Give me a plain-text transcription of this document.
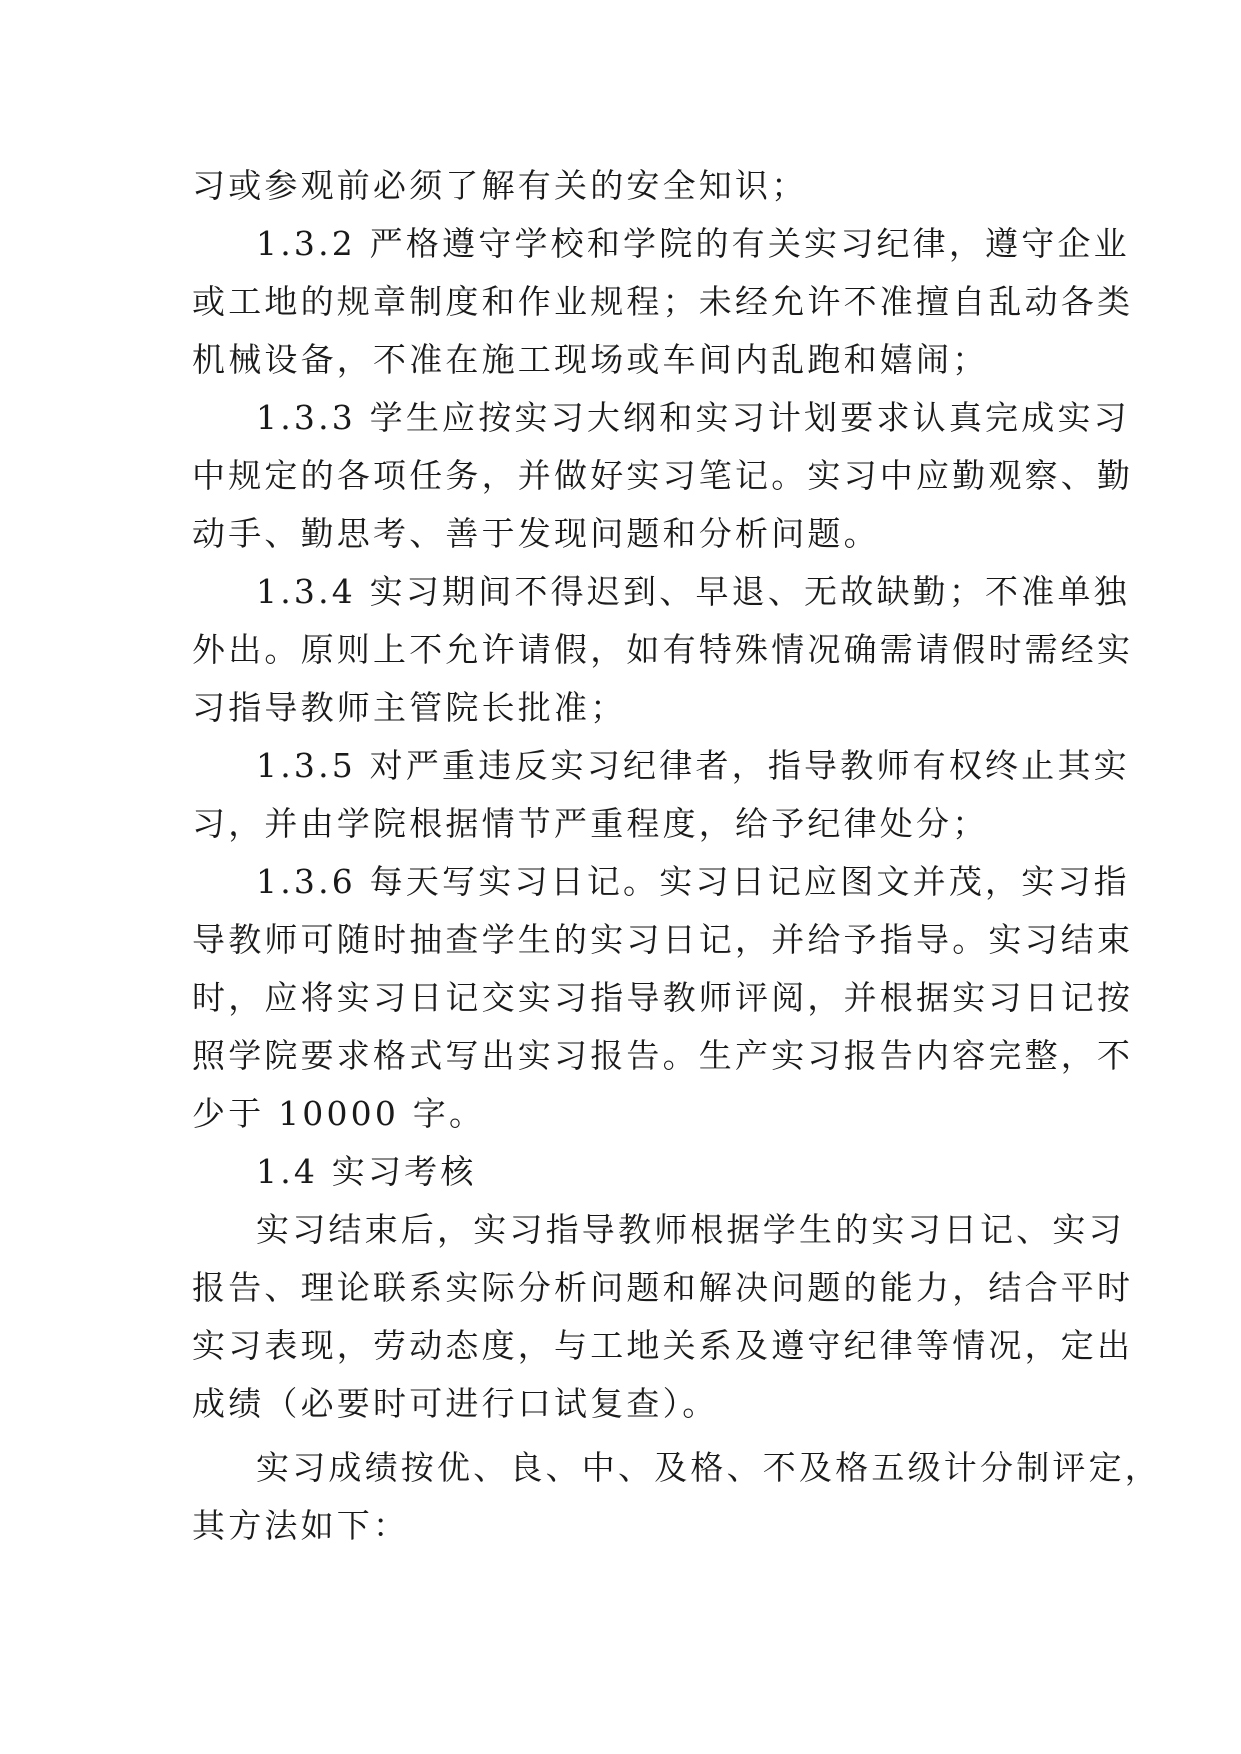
习或参观前必须了解有关的安全知识；
1.3.2 严格遵守学校和学院的有关实习纪律，遵守企业
或工地的规章制度和作业规程；未经允许不准擅自乱动各类
机械设备，不准在施工现场或车间内乱跑和嬉闹；
1.3.3 学生应按实习大纲和实习计划要求认真完成实习
中规定的各项任务，并做好实习笔记。实习中应勤观察、勤
动手、勤思考、善于发现问题和分析问题。
1.3.4 实习期间不得迟到、早退、无故缺勤；不准单独
外出。原则上不允许请假，如有特殊情况确需请假时需经实
习指导教师主管院长批准；
1.3.5 对严重违反实习纪律者，指导教师有权终止其实
习，并由学院根据情节严重程度，给予纪律处分；
1.3.6 每天写实习日记。实习日记应图文并茂，实习指
导教师可随时抽查学生的实习日记，并给予指导。实习结束
时，应将实习日记交实习指导教师评阅，并根据实习日记按
照学院要求格式写出实习报告。生产实习报告内容完整，不
少于 10000 字。
1.4 实习考核
实习结束后，实习指导教师根据学生的实习日记、实习
报告、理论联系实际分析问题和解决问题的能力，结合平时
实习表现，劳动态度，与工地关系及遵守纪律等情况，定出
成绩（必要时可进行口试复查）。
实习成绩按优、良、中、及格、不及格五级计分制评定，
其方法如下：
